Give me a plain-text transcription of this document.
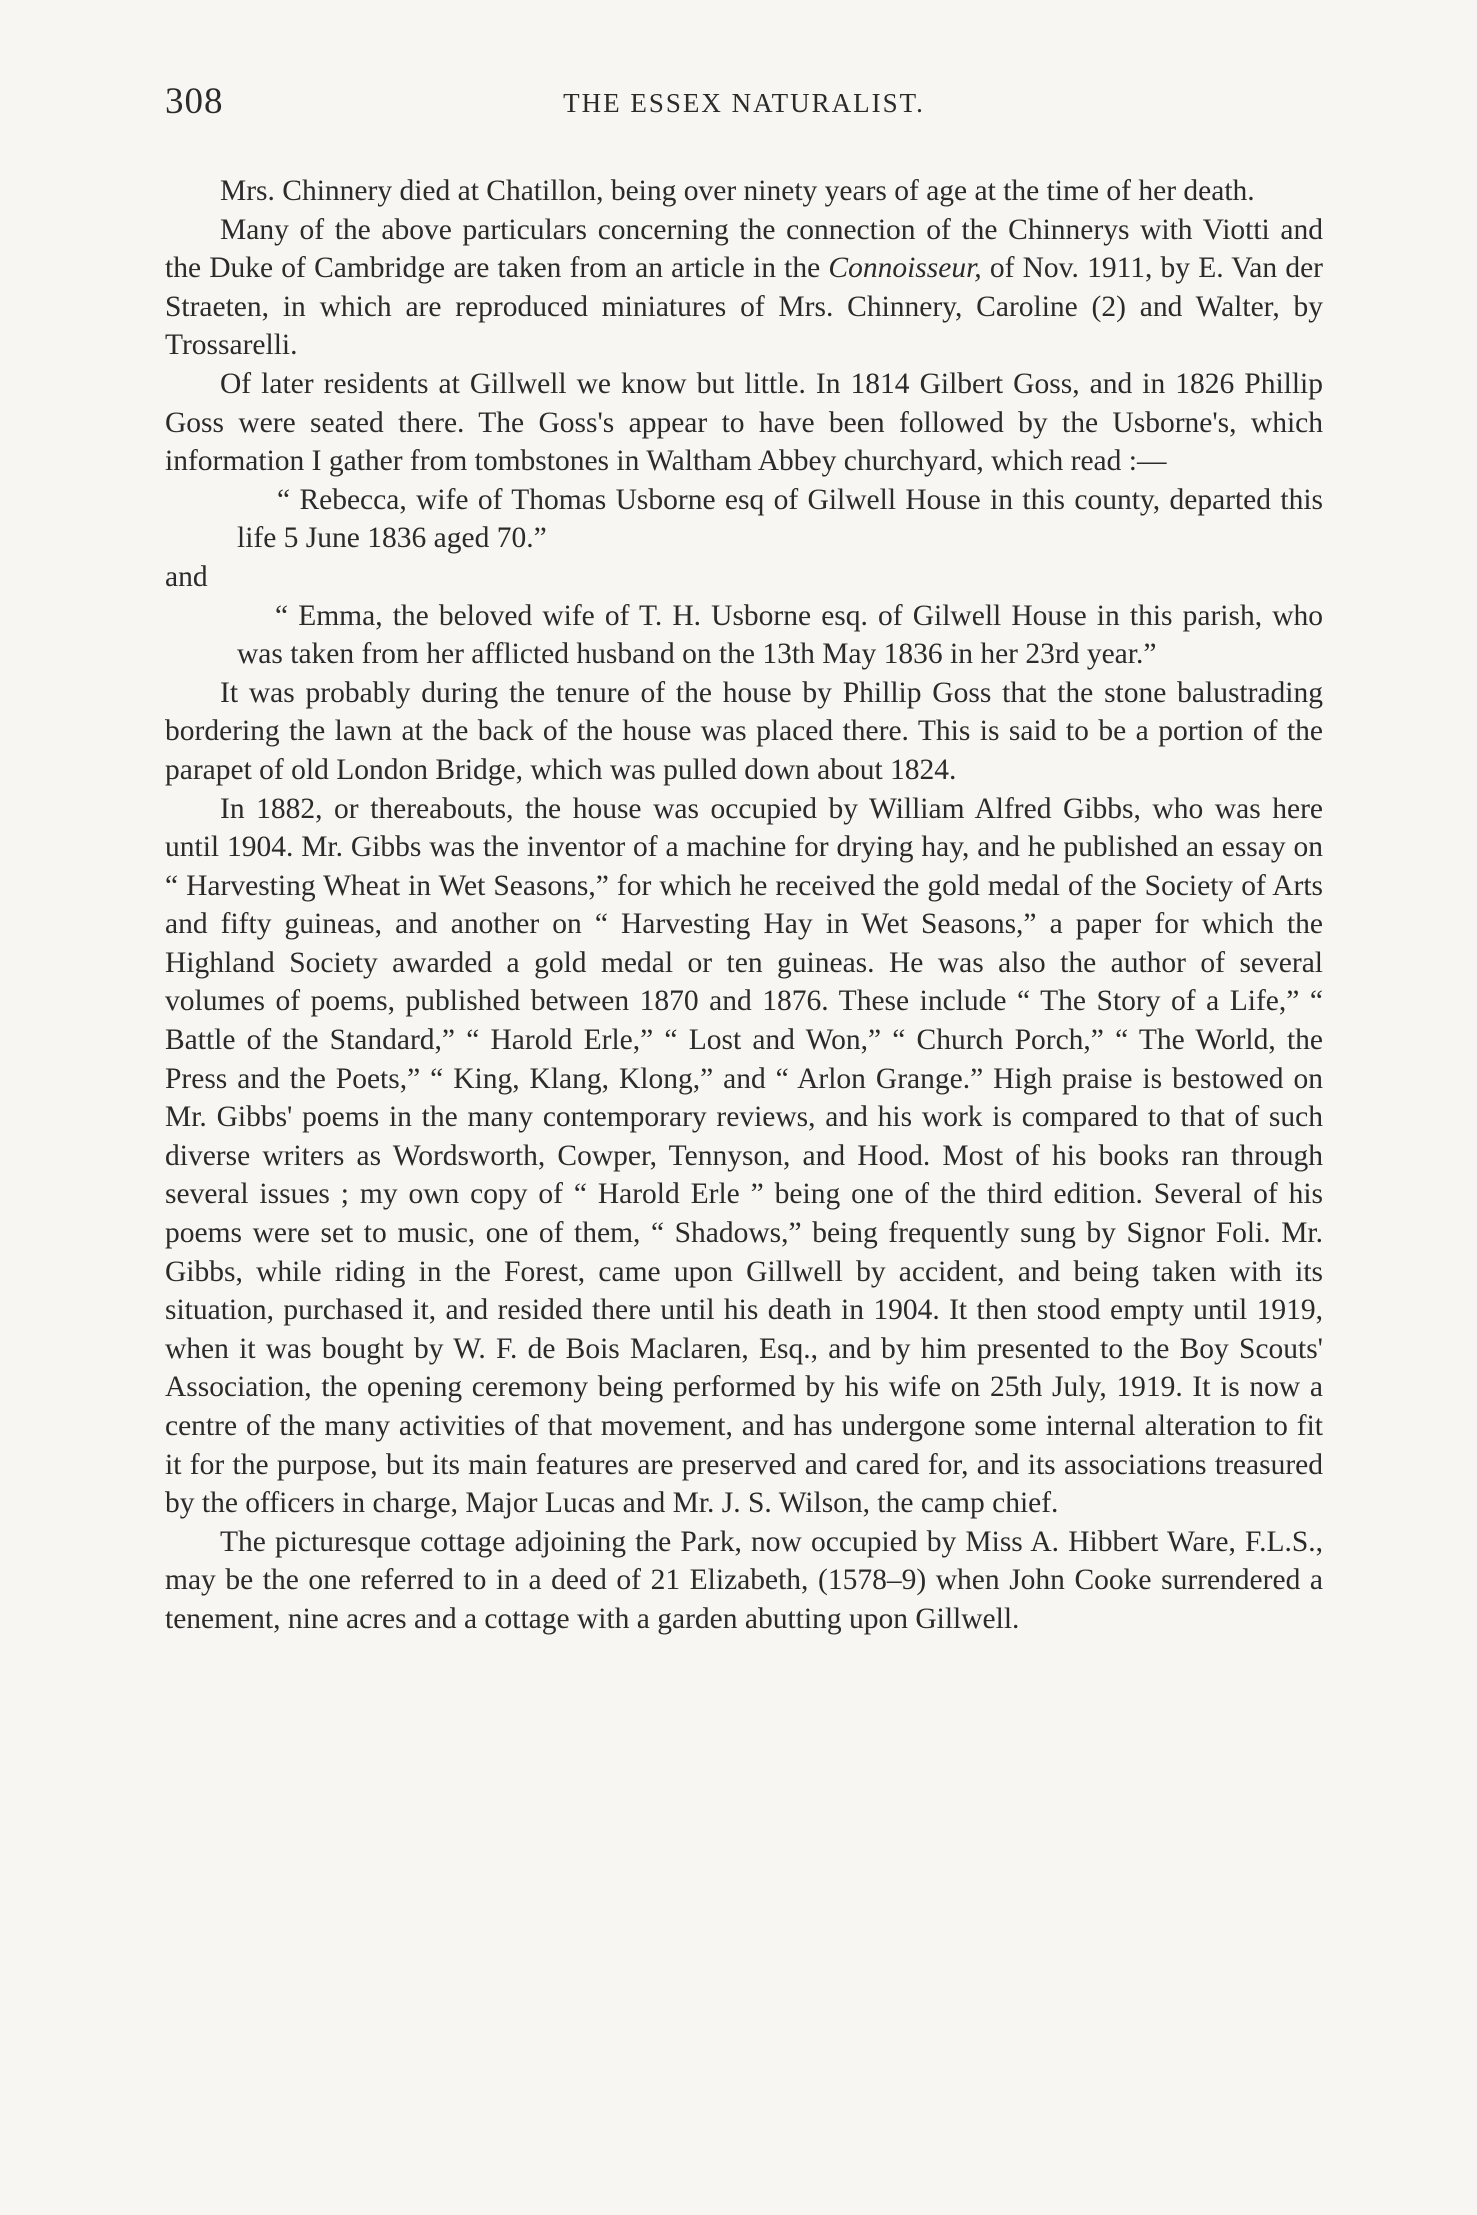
308	THE ESSEX NATURALIST.

Mrs. Chinnery died at Chatillon, being over ninety years of age at the time of her death.

Many of the above particulars concerning the connection of the Chinnerys with Viotti and the Duke of Cambridge are taken from an article in the Connoisseur, of Nov. 1911, by E. Van der Straeten, in which are reproduced miniatures of Mrs. Chinnery, Caroline (2) and Walter, by Trossarelli.

Of later residents at Gillwell we know but little. In 1814 Gilbert Goss, and in 1826 Phillip Goss were seated there. The Goss's appear to have been followed by the Usborne's, which information I gather from tombstones in Waltham Abbey churchyard, which read :—

“ Rebecca, wife of Thomas Usborne esq of Gilwell House in this county, departed this life 5 June 1836 aged 70.”

and

“ Emma, the beloved wife of T. H. Usborne esq. of Gilwell House in this parish, who was taken from her afflicted husband on the 13th May 1836 in her 23rd year.”

It was probably during the tenure of the house by Phillip Goss that the stone balustrading bordering the lawn at the back of the house was placed there. This is said to be a portion of the parapet of old London Bridge, which was pulled down about 1824.

In 1882, or thereabouts, the house was occupied by William Alfred Gibbs, who was here until 1904. Mr. Gibbs was the inventor of a machine for drying hay, and he published an essay on “ Harvesting Wheat in Wet Seasons,” for which he received the gold medal of the Society of Arts and fifty guineas, and another on “ Harvesting Hay in Wet Seasons,” a paper for which the Highland Society awarded a gold medal or ten guineas. He was also the author of several volumes of poems, published between 1870 and 1876. These include “ The Story of a Life,” “ Battle of the Standard,” “ Harold Erle,” “ Lost and Won,” “ Church Porch,” “ The World, the Press and the Poets,” “ King, Klang, Klong,” and “ Arlon Grange.” High praise is bestowed on Mr. Gibbs' poems in the many contemporary reviews, and his work is compared to that of such diverse writers as Wordsworth, Cowper, Tennyson, and Hood. Most of his books ran through several issues ; my own copy of “ Harold Erle ” being one of the third edition. Several of his poems were set to music, one of them, “ Shadows,” being frequently sung by Signor Foli. Mr. Gibbs, while riding in the Forest, came upon Gillwell by accident, and being taken with its situation, purchased it, and resided there until his death in 1904. It then stood empty until 1919, when it was bought by W. F. de Bois Maclaren, Esq., and by him presented to the Boy Scouts' Association, the opening ceremony being performed by his wife on 25th July, 1919. It is now a centre of the many activities of that movement, and has undergone some internal alteration to fit it for the purpose, but its main features are preserved and cared for, and its associations treasured by the officers in charge, Major Lucas and Mr. J. S. Wilson, the camp chief.

The picturesque cottage adjoining the Park, now occupied by Miss A. Hibbert Ware, F.L.S., may be the one referred to in a deed of 21 Elizabeth, (1578–9) when John Cooke surrendered a tenement, nine acres and a cottage with a garden abutting upon Gillwell.
